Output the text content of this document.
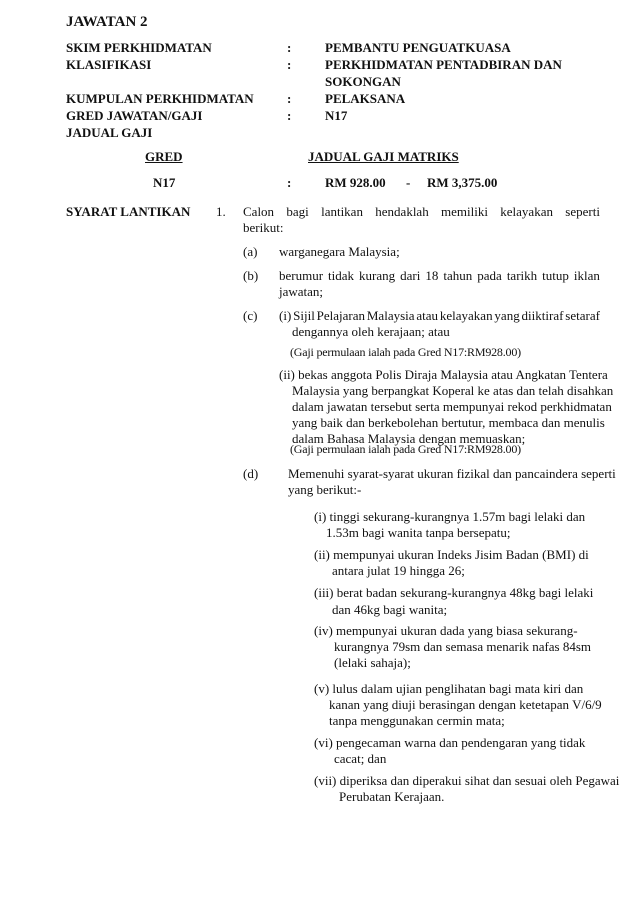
JAWATAN 2
SKIM PERKHIDMATAN	:	PEMBANTU PENGUATKUASA
KLASIFIKASI	:	PERKHIDMATAN PENTADBIRAN DAN
SOKONGAN
KUMPULAN PERKHIDMATAN	:	PELAKSANA
GRED JAWATAN/GAJI	:	N17
JADUAL GAJI
GRED	JADUAL GAJI MATRIKS
N17	:	RM 928.00 - RM 3,375.00
SYARAT LANTIKAN 1. Calon bagi lantikan hendaklah memiliki kelayakan seperti
berikut:
(a) warganegara Malaysia;
(b) berumur tidak kurang dari 18 tahun pada tarikh tutup iklan
jawatan;
(c) (i) Sijil Pelajaran Malaysia atau kelayakan yang diiktiraf setaraf
dengannya oleh kerajaan; atau
(Gaji permulaan ialah pada Gred N17:RM928.00)
(ii) bekas anggota Polis Diraja Malaysia atau Angkatan Tentera
Malaysia yang berpangkat Koperal ke atas dan telah disahkan
dalam jawatan tersebut serta mempunyai rekod perkhidmatan
yang baik dan berkebolehan bertutur, membaca dan menulis
dalam Bahasa Malaysia dengan memuaskan;
(Gaji permulaan ialah pada Gred N17:RM928.00)
(d) Memenuhi syarat-syarat ukuran fizikal dan pancaindera seperti
yang berikut:-
(i) tinggi sekurang-kurangnya 1.57m bagi lelaki dan
1.53m bagi wanita tanpa bersepatu;
(ii) mempunyai ukuran Indeks Jisim Badan (BMI) di
antara julat 19 hingga 26;
(iii) berat badan sekurang-kurangnya 48kg bagi lelaki
dan 46kg bagi wanita;
(iv) mempunyai ukuran dada yang biasa sekurang-
kurangnya 79sm dan semasa menarik nafas 84sm
(lelaki sahaja);
(v) lulus dalam ujian penglihatan bagi mata kiri dan
kanan yang diuji berasingan dengan ketetapan V/6/9
tanpa menggunakan cermin mata;
(vi) pengecaman warna dan pendengaran yang tidak
cacat; dan
(vii) diperiksa dan diperakui sihat dan sesuai oleh Pegawai
Perubatan Kerajaan.
